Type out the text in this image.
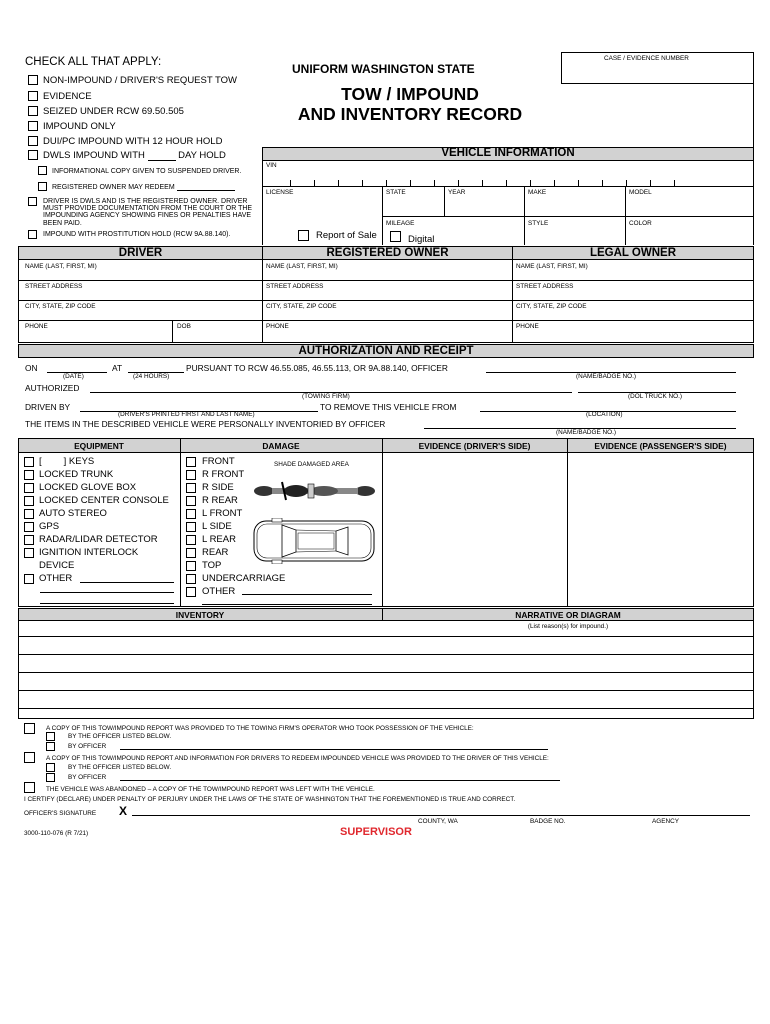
CHECK ALL THAT APPLY:
NON-IMPOUND / DRIVER'S REQUEST TOW
EVIDENCE
SEIZED UNDER RCW 69.50.505
IMPOUND ONLY
DUI/PC IMPOUND WITH 12 HOUR HOLD
DWLS IMPOUND WITH	DAY HOLD
INFORMATIONAL COPY GIVEN TO SUSPENDED DRIVER.
REGISTERED OWNER MAY REDEEM
DRIVER IS DWLS AND IS THE REGISTERED OWNER. DRIVER MUST PROVIDE DOCUMENTATION FROM THE COURT OR THE IMPOUNDING AGENCY SHOWING FINES OR PENALTIES HAVE BEEN PAID.
IMPOUND WITH PROSTITUTION HOLD (RCW 9A.88.140).
UNIFORM WASHINGTON STATE
TOW / IMPOUND
AND INVENTORY RECORD
CASE / EVIDENCE NUMBER
VEHICLE INFORMATION
VIN
LICENSE	STATE	YEAR	MAKE	MODEL
MILEAGE	STYLE	COLOR
Report of Sale	Digital
DRIVER	REGISTERED OWNER	LEGAL OWNER
NAME (LAST, FIRST, MI)	NAME (LAST, FIRST, MI)	NAME (LAST, FIRST, MI)
STREET ADDRESS	STREET ADDRESS	STREET ADDRESS
CITY, STATE, ZIP CODE	CITY, STATE, ZIP CODE	CITY, STATE, ZIP CODE
PHONE	DOB	PHONE	PHONE
AUTHORIZATION AND RECEIPT
ON	AT	PURSUANT TO RCW 46.55.085, 46.55.113, OR 9A.88.140, OFFICER
(DATE)	(24 HOURS)	(NAME/BADGE NO.)
AUTHORIZED
(TOWING FIRM)	(DOL TRUCK NO.)
DRIVEN BY	TO REMOVE THIS VEHICLE FROM
(DRIVER'S PRINTED FIRST AND LAST NAME)	(LOCATION)
THE ITEMS IN THE DESCRIBED VEHICLE WERE PERSONALLY INVENTORIED BY OFFICER
(NAME/BADGE NO.)
EQUIPMENT	DAMAGE	EVIDENCE (DRIVER'S SIDE)	EVIDENCE (PASSENGER'S SIDE)
[ ] KEYS
LOCKED TRUNK
LOCKED GLOVE BOX
LOCKED CENTER CONSOLE
AUTO STEREO
GPS
RADAR/LIDAR DETECTOR
IGNITION INTERLOCK
DEVICE
OTHER
FRONT
R FRONT
R SIDE
R REAR
L FRONT
L SIDE
L REAR
REAR
TOP
UNDERCARRIAGE
OTHER
SHADE DAMAGED AREA
INVENTORY	NARRATIVE OR DIAGRAM
(List reason(s) for impound.)
A COPY OF THIS TOW/IMPOUND REPORT WAS PROVIDED TO THE TOWING FIRM'S OPERATOR WHO TOOK POSSESSION OF THE VEHICLE:
BY THE OFFICER LISTED BELOW.
BY OFFICER
A COPY OF THIS TOW/IMPOUND REPORT AND INFORMATION FOR DRIVERS TO REDEEM IMPOUNDED VEHICLE WAS PROVIDED TO THE DRIVER OF THIS VEHICLE:
BY THE OFFICER LISTED BELOW.
BY OFFICER
THE VEHICLE WAS ABANDONED – A COPY OF THE TOW/IMPOUND REPORT WAS LEFT WITH THE VEHICLE.
I CERTIFY (DECLARE) UNDER PENALTY OF PERJURY UNDER THE LAWS OF THE STATE OF WASHINGTON THAT THE FOREMENTIONED IS TRUE AND CORRECT.
OFFICER'S SIGNATURE X
COUNTY, WA	BADGE NO.	AGENCY
3000-110-076 (R 7/21)	SUPERVISOR
